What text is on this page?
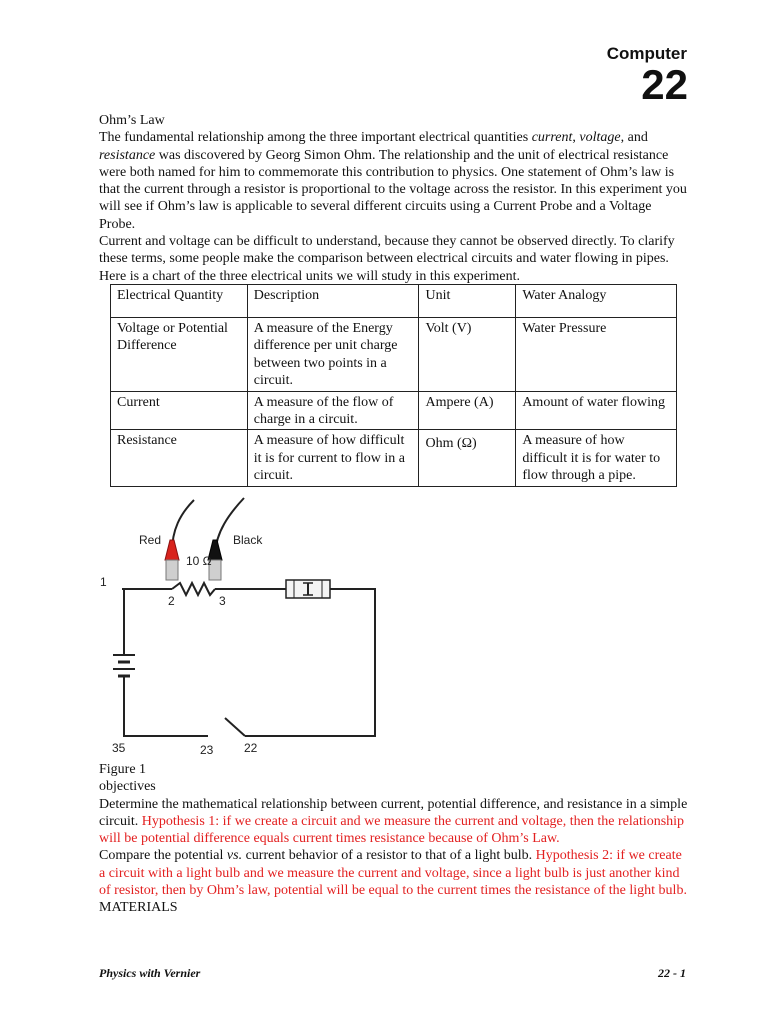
Computer
22
Ohm’s Law
The fundamental relationship among the three important electrical quantities current, voltage, and resistance was discovered by Georg Simon Ohm. The relationship and the unit of electrical resistance were both named for him to commemorate this contribution to physics. One statement of Ohm’s law is that the current through a resistor is proportional to the voltage across the resistor. In this experiment you will see if Ohm’s law is applicable to several different circuits using a Current Probe and a Voltage Probe.
Current and voltage can be difficult to understand, because they cannot be observed directly. To clarify these terms, some people make the comparison between electrical circuits and water flowing in pipes. Here is a chart of the three electrical units we will study in this experiment.
Electrical Quantity	Description	Unit	Water Analogy
Voltage or Potential Difference	A measure of the Energy difference per unit charge between two points in a circuit.	Volt (V)	Water Pressure
Current	A measure of the flow of charge in a circuit.	Ampere (A)	Amount of water flowing
Resistance	A measure of how difficult it is for current to flow in a circuit.	Ohm (Ω)	A measure of how difficult it is for water to flow through a pipe.
Red	Black
10 Ω
1
2	3
35	23	22
Figure 1
objectives
Determine the mathematical relationship between current, potential difference, and resistance in a simple circuit. Hypothesis 1: if we create a circuit and we measure the current and voltage, then the relationship will be potential difference equals current times resistance because of Ohm’s Law.
Compare the potential vs. current behavior of a resistor to that of a light bulb. Hypothesis 2: if we create a circuit with a light bulb and we measure the current and voltage, since a light bulb is just another kind of resistor, then by Ohm’s law, potential will be equal to the current times the resistance of the light bulb.
MATERIALS
Physics with Vernier	22 - 1
